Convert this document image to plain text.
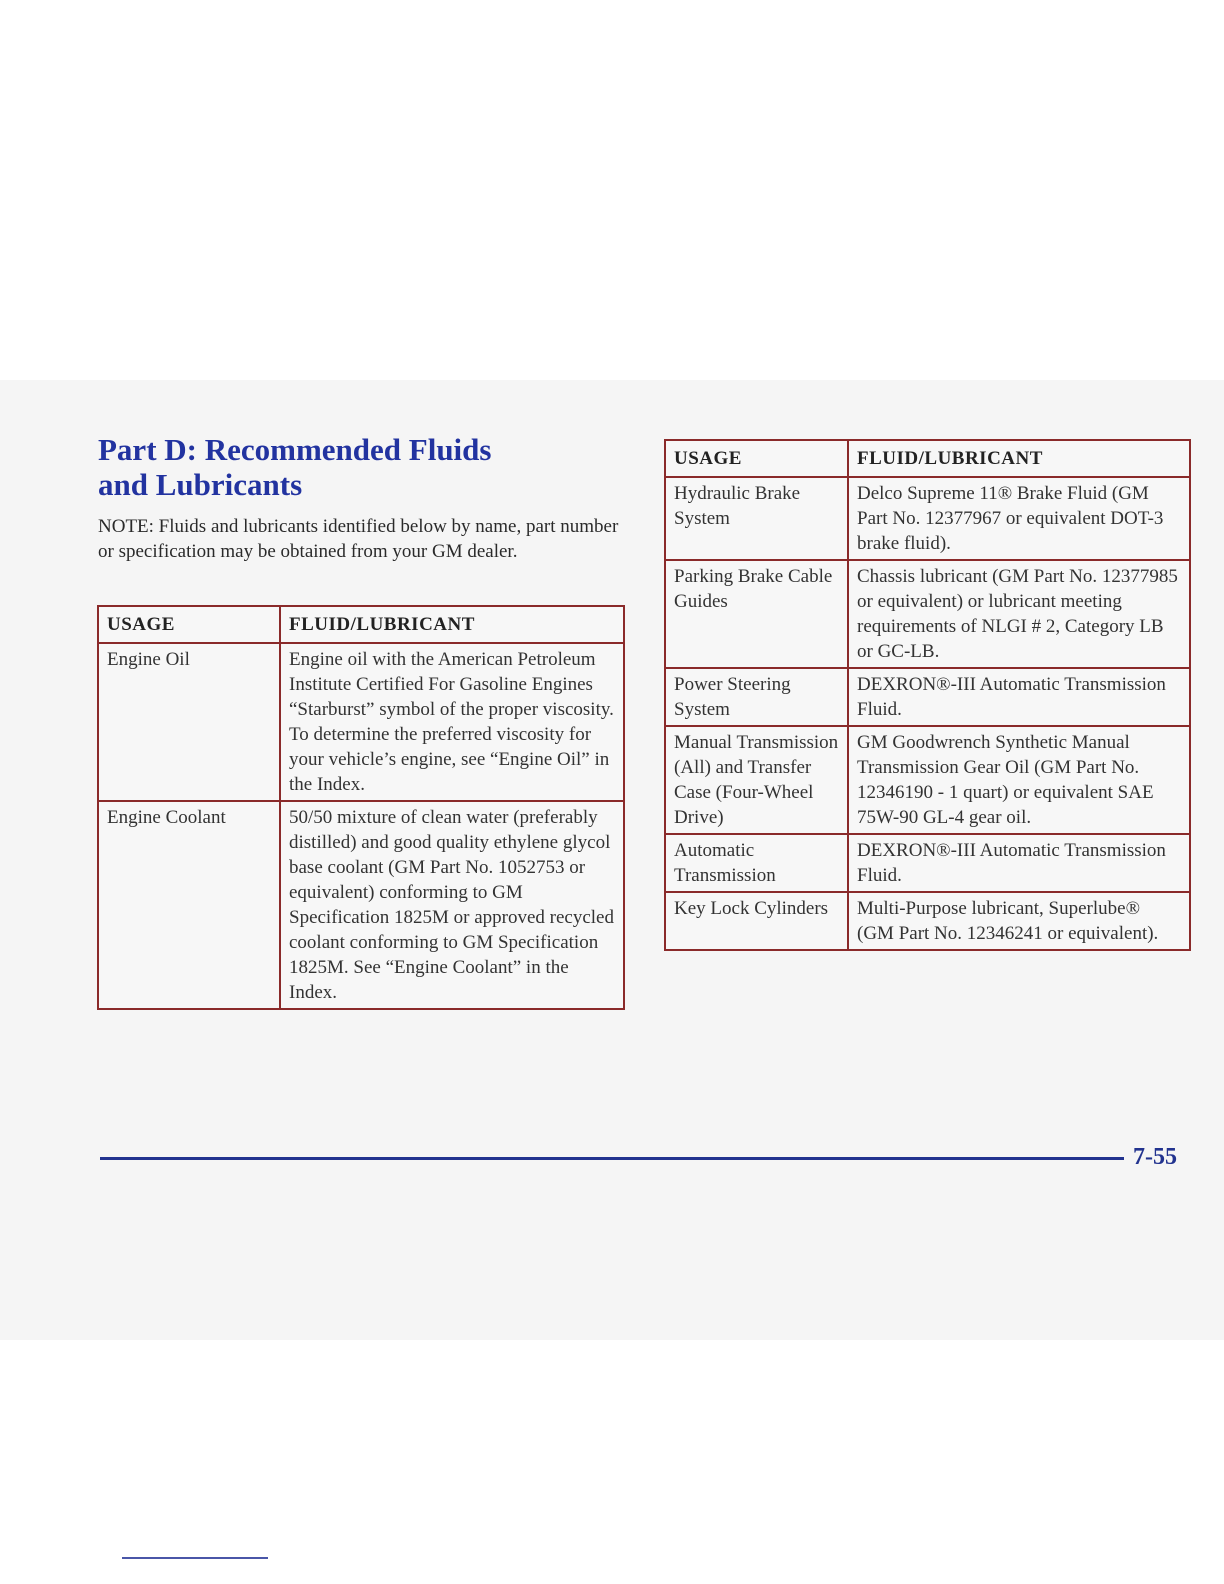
Part D: Recommended Fluids
and Lubricants

NOTE: Fluids and lubricants identified below by name, part number or specification may be obtained from your GM dealer.

USAGE	FLUID/LUBRICANT
Engine Oil	Engine oil with the American Petroleum Institute Certified For Gasoline Engines “Starburst” symbol of the proper viscosity. To determine the preferred viscosity for your vehicle’s engine, see “Engine Oil” in the Index.
Engine Coolant	50/50 mixture of clean water (preferably distilled) and good quality ethylene glycol base coolant (GM Part No. 1052753 or equivalent) conforming to GM Specification 1825M or approved recycled coolant conforming to GM Specification 1825M. See “Engine Coolant” in the Index.
USAGE	FLUID/LUBRICANT
Hydraulic Brake System	Delco Supreme 11® Brake Fluid (GM Part No. 12377967 or equivalent DOT-3 brake fluid).
Parking Brake Cable Guides	Chassis lubricant (GM Part No. 12377985 or equivalent) or lubricant meeting requirements of NLGI # 2, Category LB or GC-LB.
Power Steering System	DEXRON®-III Automatic Transmission Fluid.
Manual Transmission (All) and Transfer Case (Four-Wheel Drive)	GM Goodwrench Synthetic Manual Transmission Gear Oil (GM Part No. 12346190 - 1 quart) or equivalent SAE 75W-90 GL-4 gear oil.
Automatic Transmission	DEXRON®-III Automatic Transmission Fluid.
Key Lock Cylinders	Multi-Purpose lubricant, Superlube® (GM Part No. 12346241 or equivalent).

7-55
